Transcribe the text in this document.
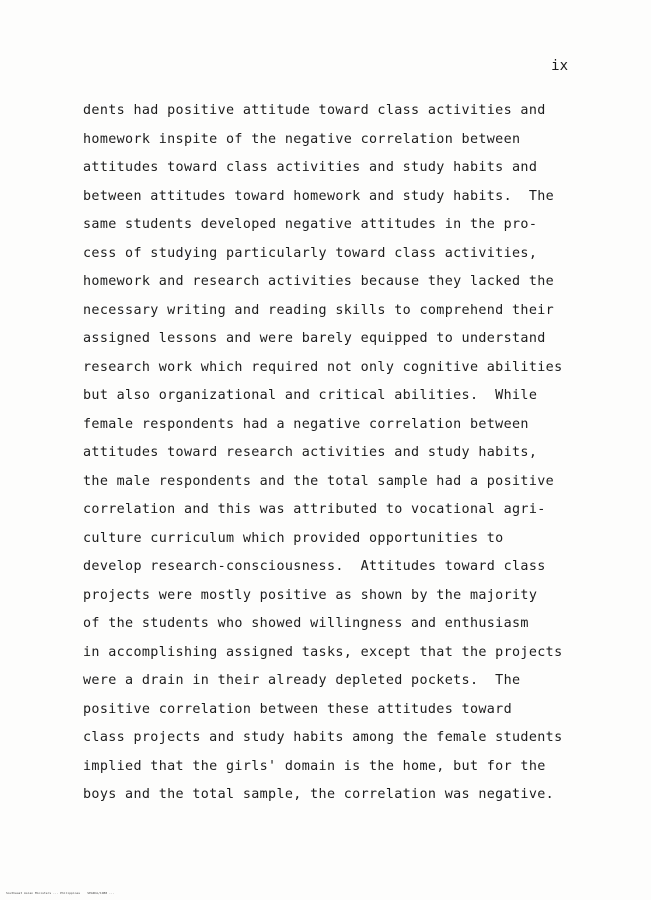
ix
dents had positive attitude toward class activities and
homework inspite of the negative correlation between
attitudes toward class activities and study habits and
between attitudes toward homework and study habits.  The
same students developed negative attitudes in the pro-
cess of studying particularly toward class activities,
homework and research activities because they lacked the
necessary writing and reading skills to comprehend their
assigned lessons and were barely equipped to understand
research work which required not only cognitive abilities
but also organizational and critical abilities.  While
female respondents had a negative correlation between
attitudes toward research activities and study habits,
the male respondents and the total sample had a positive
correlation and this was attributed to vocational agri-
culture curriculum which provided opportunities to
develop research-consciousness.  Attitudes toward class
projects were mostly positive as shown by the majority
of the students who showed willingness and enthusiasm
in accomplishing assigned tasks, except that the projects
were a drain in their already depleted pockets.  The
positive correlation between these attitudes toward
class projects and study habits among the female students
implied that the girls' domain is the home, but for the
boys and the total sample, the correlation was negative.
Southeast Asian Ministers ... Philippines    SEARCA/1988 ...
